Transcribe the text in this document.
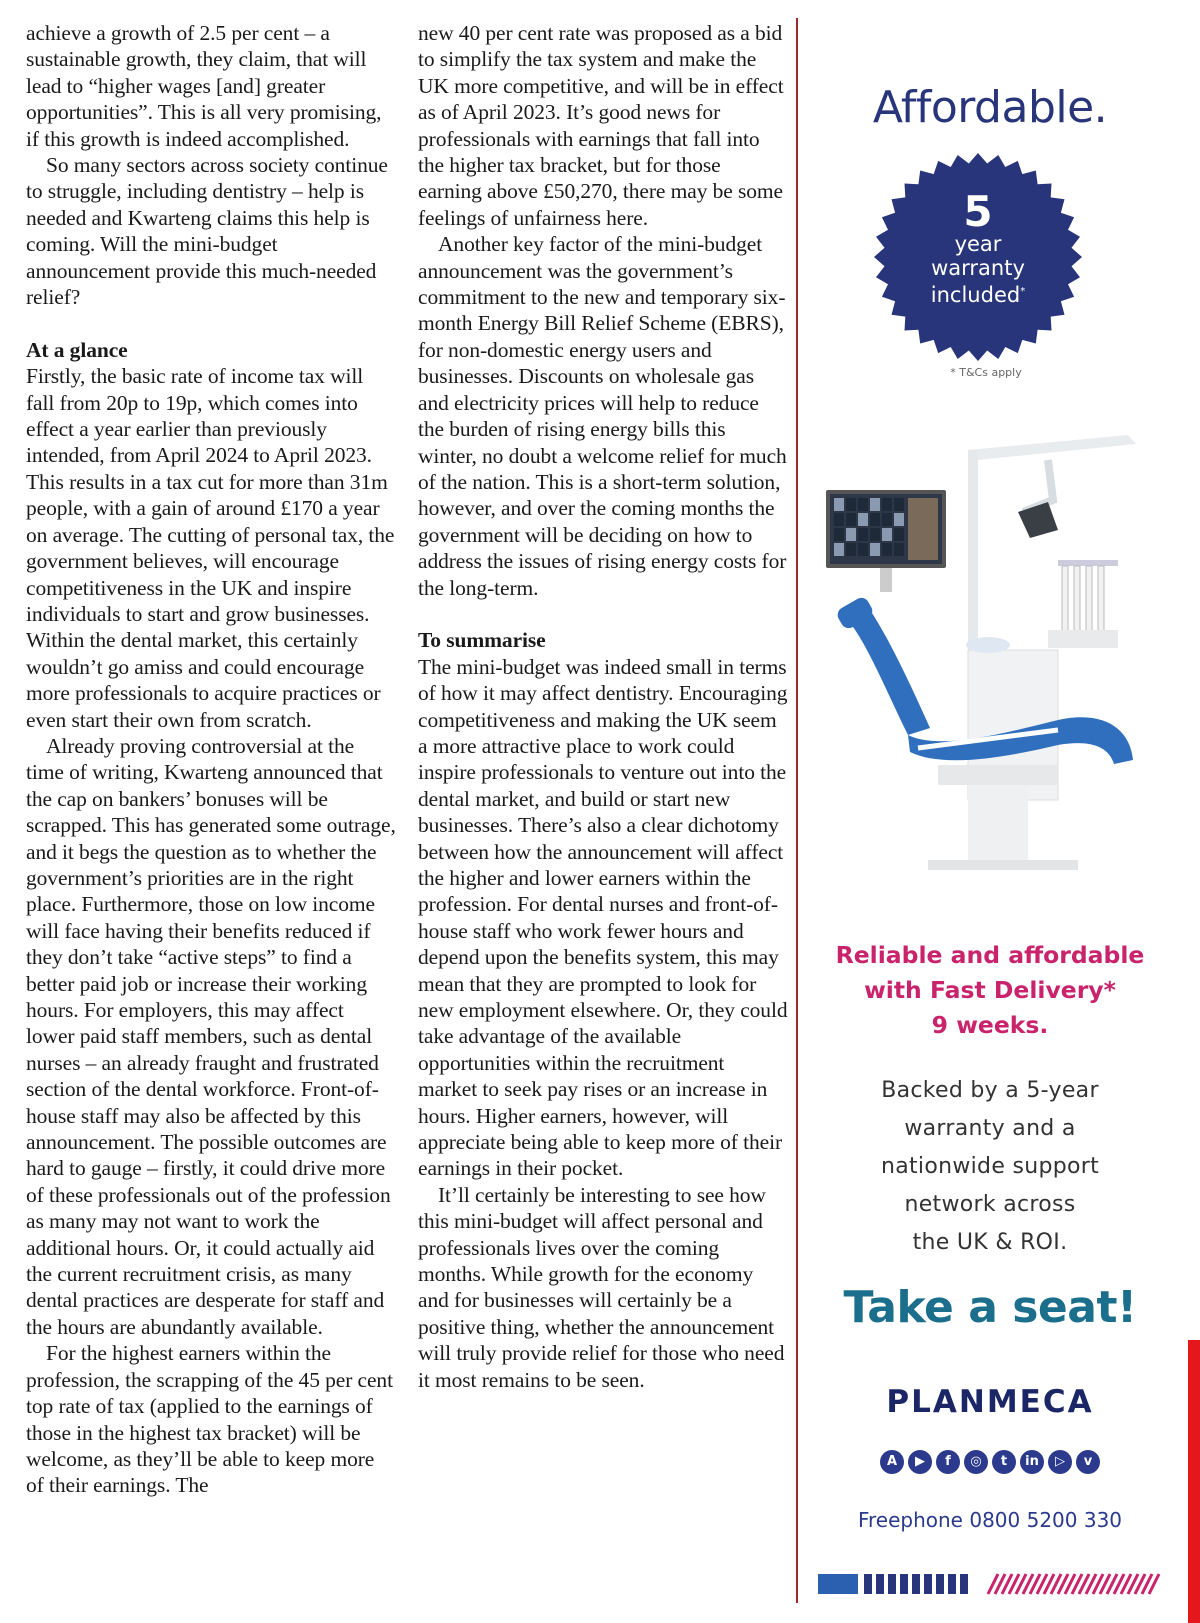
achieve a growth of 2.5 per cent – a sustainable growth, they claim, that will lead to “higher wages [and] greater opportunities”. This is all very promising, if this growth is indeed accomplished.

So many sectors across society continue to struggle, including dentistry – help is needed and Kwarteng claims this help is coming. Will the mini-budget announcement provide this much-needed relief?

At a glance

Firstly, the basic rate of income tax will fall from 20p to 19p, which comes into effect a year earlier than previously intended, from April 2024 to April 2023. This results in a tax cut for more than 31m people, with a gain of around £170 a year on average. The cutting of personal tax, the government believes, will encourage competitiveness in the UK and inspire individuals to start and grow businesses. Within the dental market, this certainly wouldn’t go amiss and could encourage more professionals to acquire practices or even start their own from scratch.

Already proving controversial at the time of writing, Kwarteng announced that the cap on bankers’ bonuses will be scrapped. This has generated some outrage, and it begs the question as to whether the government’s priorities are in the right place. Furthermore, those on low income will face having their benefits reduced if they don’t take “active steps” to find a better paid job or increase their working hours. For employers, this may affect lower paid staff members, such as dental nurses – an already fraught and frustrated section of the dental workforce. Front-of-house staff may also be affected by this announcement. The possible outcomes are hard to gauge – firstly, it could drive more of these professionals out of the profession as many may not want to work the additional hours. Or, it could actually aid the current recruitment crisis, as many dental practices are desperate for staff and the hours are abundantly available.

For the highest earners within the profession, the scrapping of the 45 per cent top rate of tax (applied to the earnings of those in the highest tax bracket) will be welcome, as they’ll be able to keep more of their earnings. The

new 40 per cent rate was proposed as a bid to simplify the tax system and make the UK more competitive, and will be in effect as of April 2023. It’s good news for professionals with earnings that fall into the higher tax bracket, but for those earning above £50,270, there may be some feelings of unfairness here.

Another key factor of the mini-budget announcement was the government’s commitment to the new and temporary six-month Energy Bill Relief Scheme (EBRS), for non-domestic energy users and businesses. Discounts on wholesale gas and electricity prices will help to reduce the burden of rising energy bills this winter, no doubt a welcome relief for much of the nation. This is a short-term solution, however, and over the coming months the government will be deciding on how to address the issues of rising energy costs for the long-term.

To summarise

The mini-budget was indeed small in terms of how it may affect dentistry. Encouraging competitiveness and making the UK seem a more attractive place to work could inspire professionals to venture out into the dental market, and build or start new businesses. There’s also a clear dichotomy between how the announcement will affect the higher and lower earners within the profession. For dental nurses and front-of-house staff who work fewer hours and depend upon the benefits system, this may mean that they are prompted to look for new employment elsewhere. Or, they could take advantage of the available opportunities within the recruitment market to seek pay rises or an increase in hours. Higher earners, however, will appreciate being able to keep more of their earnings in their pocket.

It’ll certainly be interesting to see how this mini-budget will affect personal and professionals lives over the coming months. While growth for the economy and for businesses will certainly be a positive thing, whether the announcement will truly provide relief for those who need it most remains to be seen.

Affordable.
5
year
warranty
included*
* T&Cs apply
Reliable and affordable
with Fast Delivery*
9 weeks.
Backed by a 5-year
warranty and a
nationwide support
network across
the UK & ROI.
Take a seat!
PLANMECA
A	▶	f	◎	t	in	▷	v
Freephone 0800 5200 330
